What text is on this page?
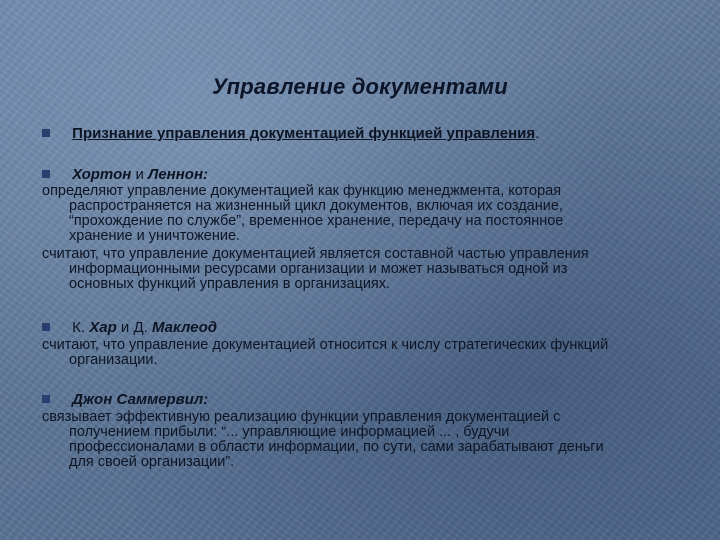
Управление документами
Признание управления документацией функцией управления.
Хортон и Леннон:
определяют управление документацией как функцию менеджмента, которая
распространяется на жизненный цикл документов, включая их создание,
“прохождение по службе”, временное хранение, передачу на постоянное
хранение и уничтожение.
считают, что управление документацией является составной частью управления
информационными ресурсами организации и может называться одной из
основных функций управления в организациях.
К. Хар и Д. Маклеод
считают, что управление документацией относится к числу стратегических функций
организации.
Джон Саммервил:
связывает эффективную реализацию функции управления документацией с
получением прибыли: “... управляющие информацией ... , будучи
профессионалами в области информации, по сути, сами зарабатывают деньги
для своей организации”.
